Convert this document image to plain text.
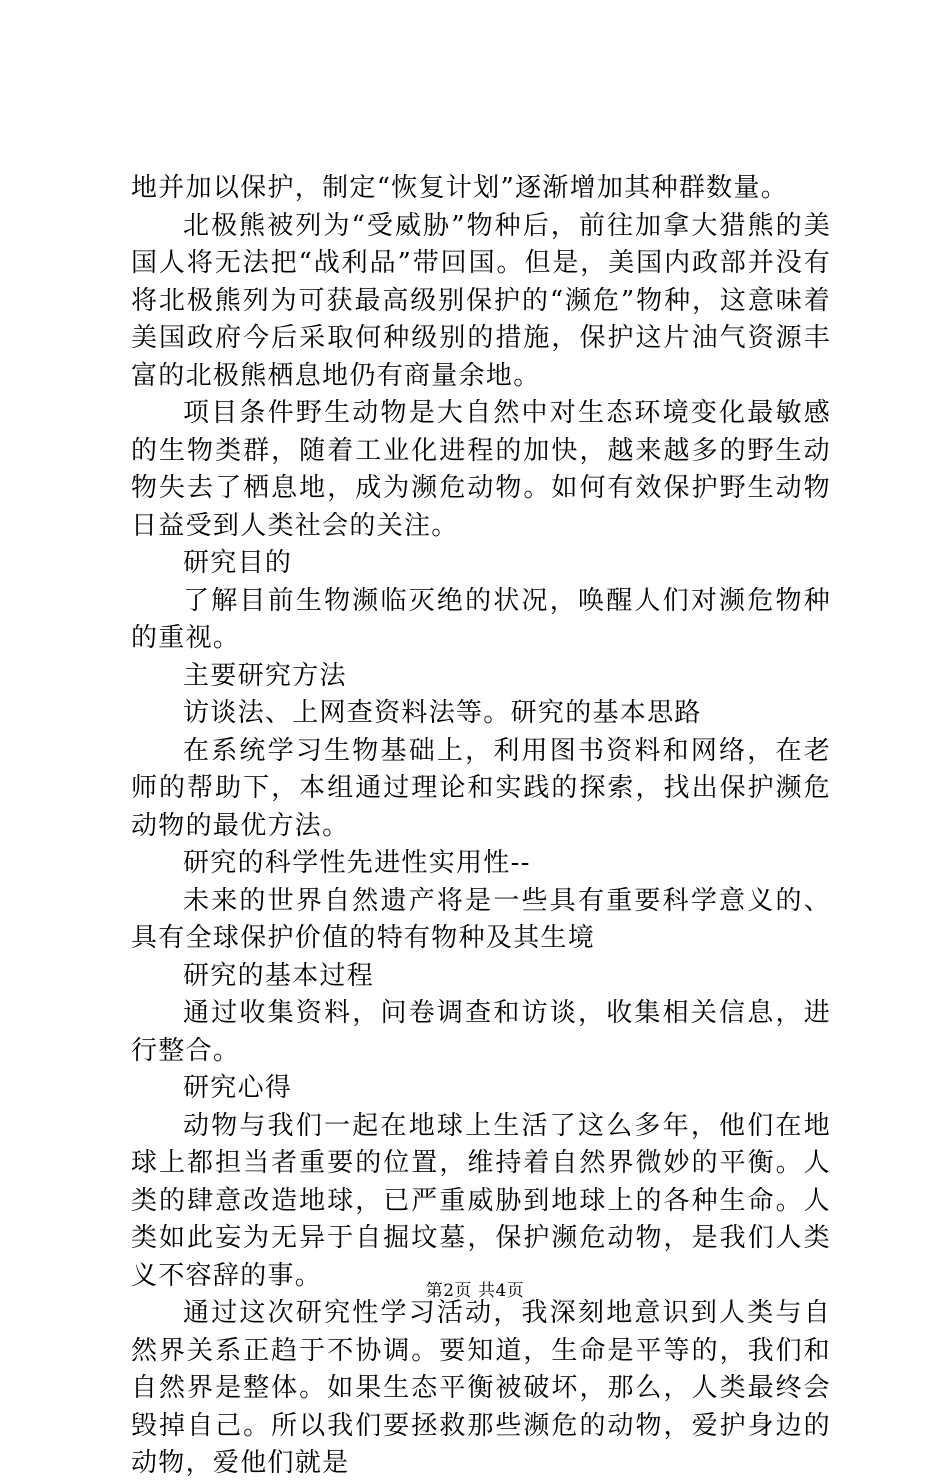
地并加以保护，制定“恢复计划”逐渐增加其种群数量。

北极熊被列为“受威胁”物种后，前往加拿大猎熊的美国人将无法把“战利品”带回国。但是，美国内政部并没有将北极熊列为可获最高级别保护的“濒危”物种，这意味着美国政府今后采取何种级别的措施，保护这片油气资源丰富的北极熊栖息地仍有商量余地。

项目条件野生动物是大自然中对生态环境变化最敏感的生物类群，随着工业化进程的加快，越来越多的野生动物失去了栖息地，成为濒危动物。如何有效保护野生动物日益受到人类社会的关注。

研究目的

了解目前生物濒临灭绝的状况，唤醒人们对濒危物种的重视。

主要研究方法

访谈法、上网查资料法等。研究的基本思路

在系统学习生物基础上，利用图书资料和网络，在老师的帮助下，本组通过理论和实践的探索，找出保护濒危动物的最优方法。

研究的科学性先进性实用性--

未来的世界自然遗产将是一些具有重要科学意义的、具有全球保护价值的特有物种及其生境

研究的基本过程

通过收集资料，问卷调查和访谈，收集相关信息，进行整合。

研究心得

动物与我们一起在地球上生活了这么多年，他们在地球上都担当者重要的位置，维持着自然界微妙的平衡。人类的肆意改造地球，已严重威胁到地球上的各种生命。人类如此妄为无异于自掘坟墓，保护濒危动物，是我们人类义不容辞的事。

通过这次研究性学习活动，我深刻地意识到人类与自然界关系正趋于不协调。要知道，生命是平等的，我们和自然界是整体。如果生态平衡被破坏，那么，人类最终会毁掉自己。所以我们要拯救那些濒危的动物，爱护身边的动物，爱他们就是

第2页 共4页
